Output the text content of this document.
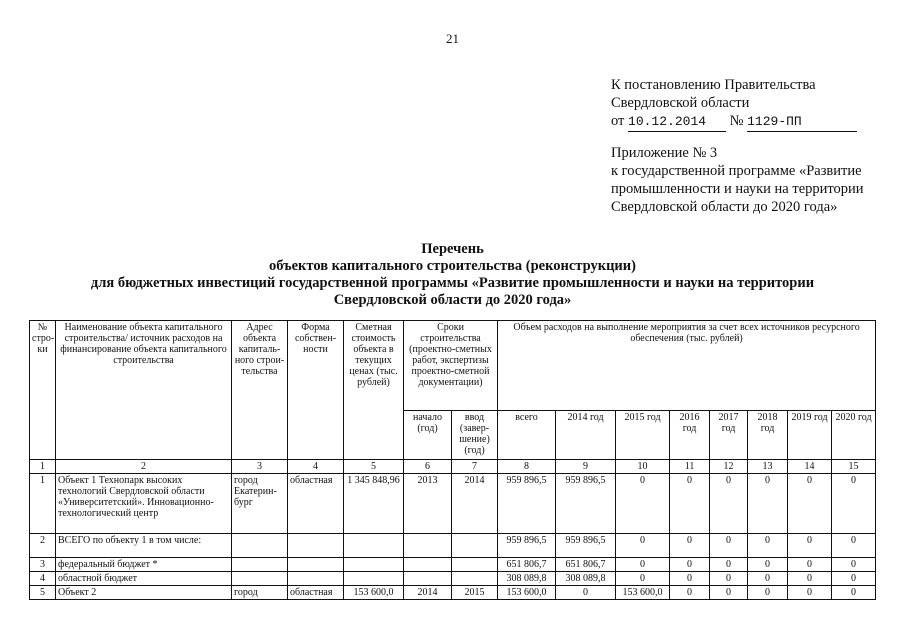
21
К постановлению Правительства
Свердловской области
от 10.12.2014 № 1129-ПП
Приложение № 3
к государственной программе «Развитие промышленности и науки на территории Свердловской области до 2020 года»
Перечень
объектов капитального строительства (реконструкции)
для бюджетных инвестиций государственной программы «Развитие промышленности и науки на территории
Свердловской области до 2020 года»
№ стро-ки	Наименование объекта капитального строительства/ источник расходов на финансирование объекта капитального строительства	Адрес объекта капиталь-ного строи-тельства	Форма собствен-ности	Сметная стоимость объекта в текущих ценах (тыс. рублей)	Сроки строительства (проектно-сметных работ, экспертизы проектно-сметной документации)		Объем расходов на выполнение мероприятия за счет всех источников ресурсного обеспечения (тыс. рублей)							
					начало (год)	ввод (завер-шение) (год)	всего	2014 год	2015 год	2016 год	2017 год	2018 год	2019 год	2020 год
1	2	3	4	5	6	7	8	9	10	11	12	13	14	15
1	Объект 1 Технопарк высоких технологий Свердловской области «Университетский». Инновационно-технологический центр	город Екатерин-бург	областная	1 345 848,96	2013	2014	959 896,5	959 896,5	0	0	0	0	0	0
2	ВСЕГО по объекту 1 в том числе:						959 896,5	959 896,5	0	0	0	0	0	0
3	федеральный бюджет *						651 806,7	651 806,7	0	0	0	0	0	0
4	областной бюджет						308 089,8	308 089,8	0	0	0	0	0	0
5	Объект 2	город	областная	153 600,0	2014	2015	153 600,0	0	153 600,0	0	0	0	0	0
